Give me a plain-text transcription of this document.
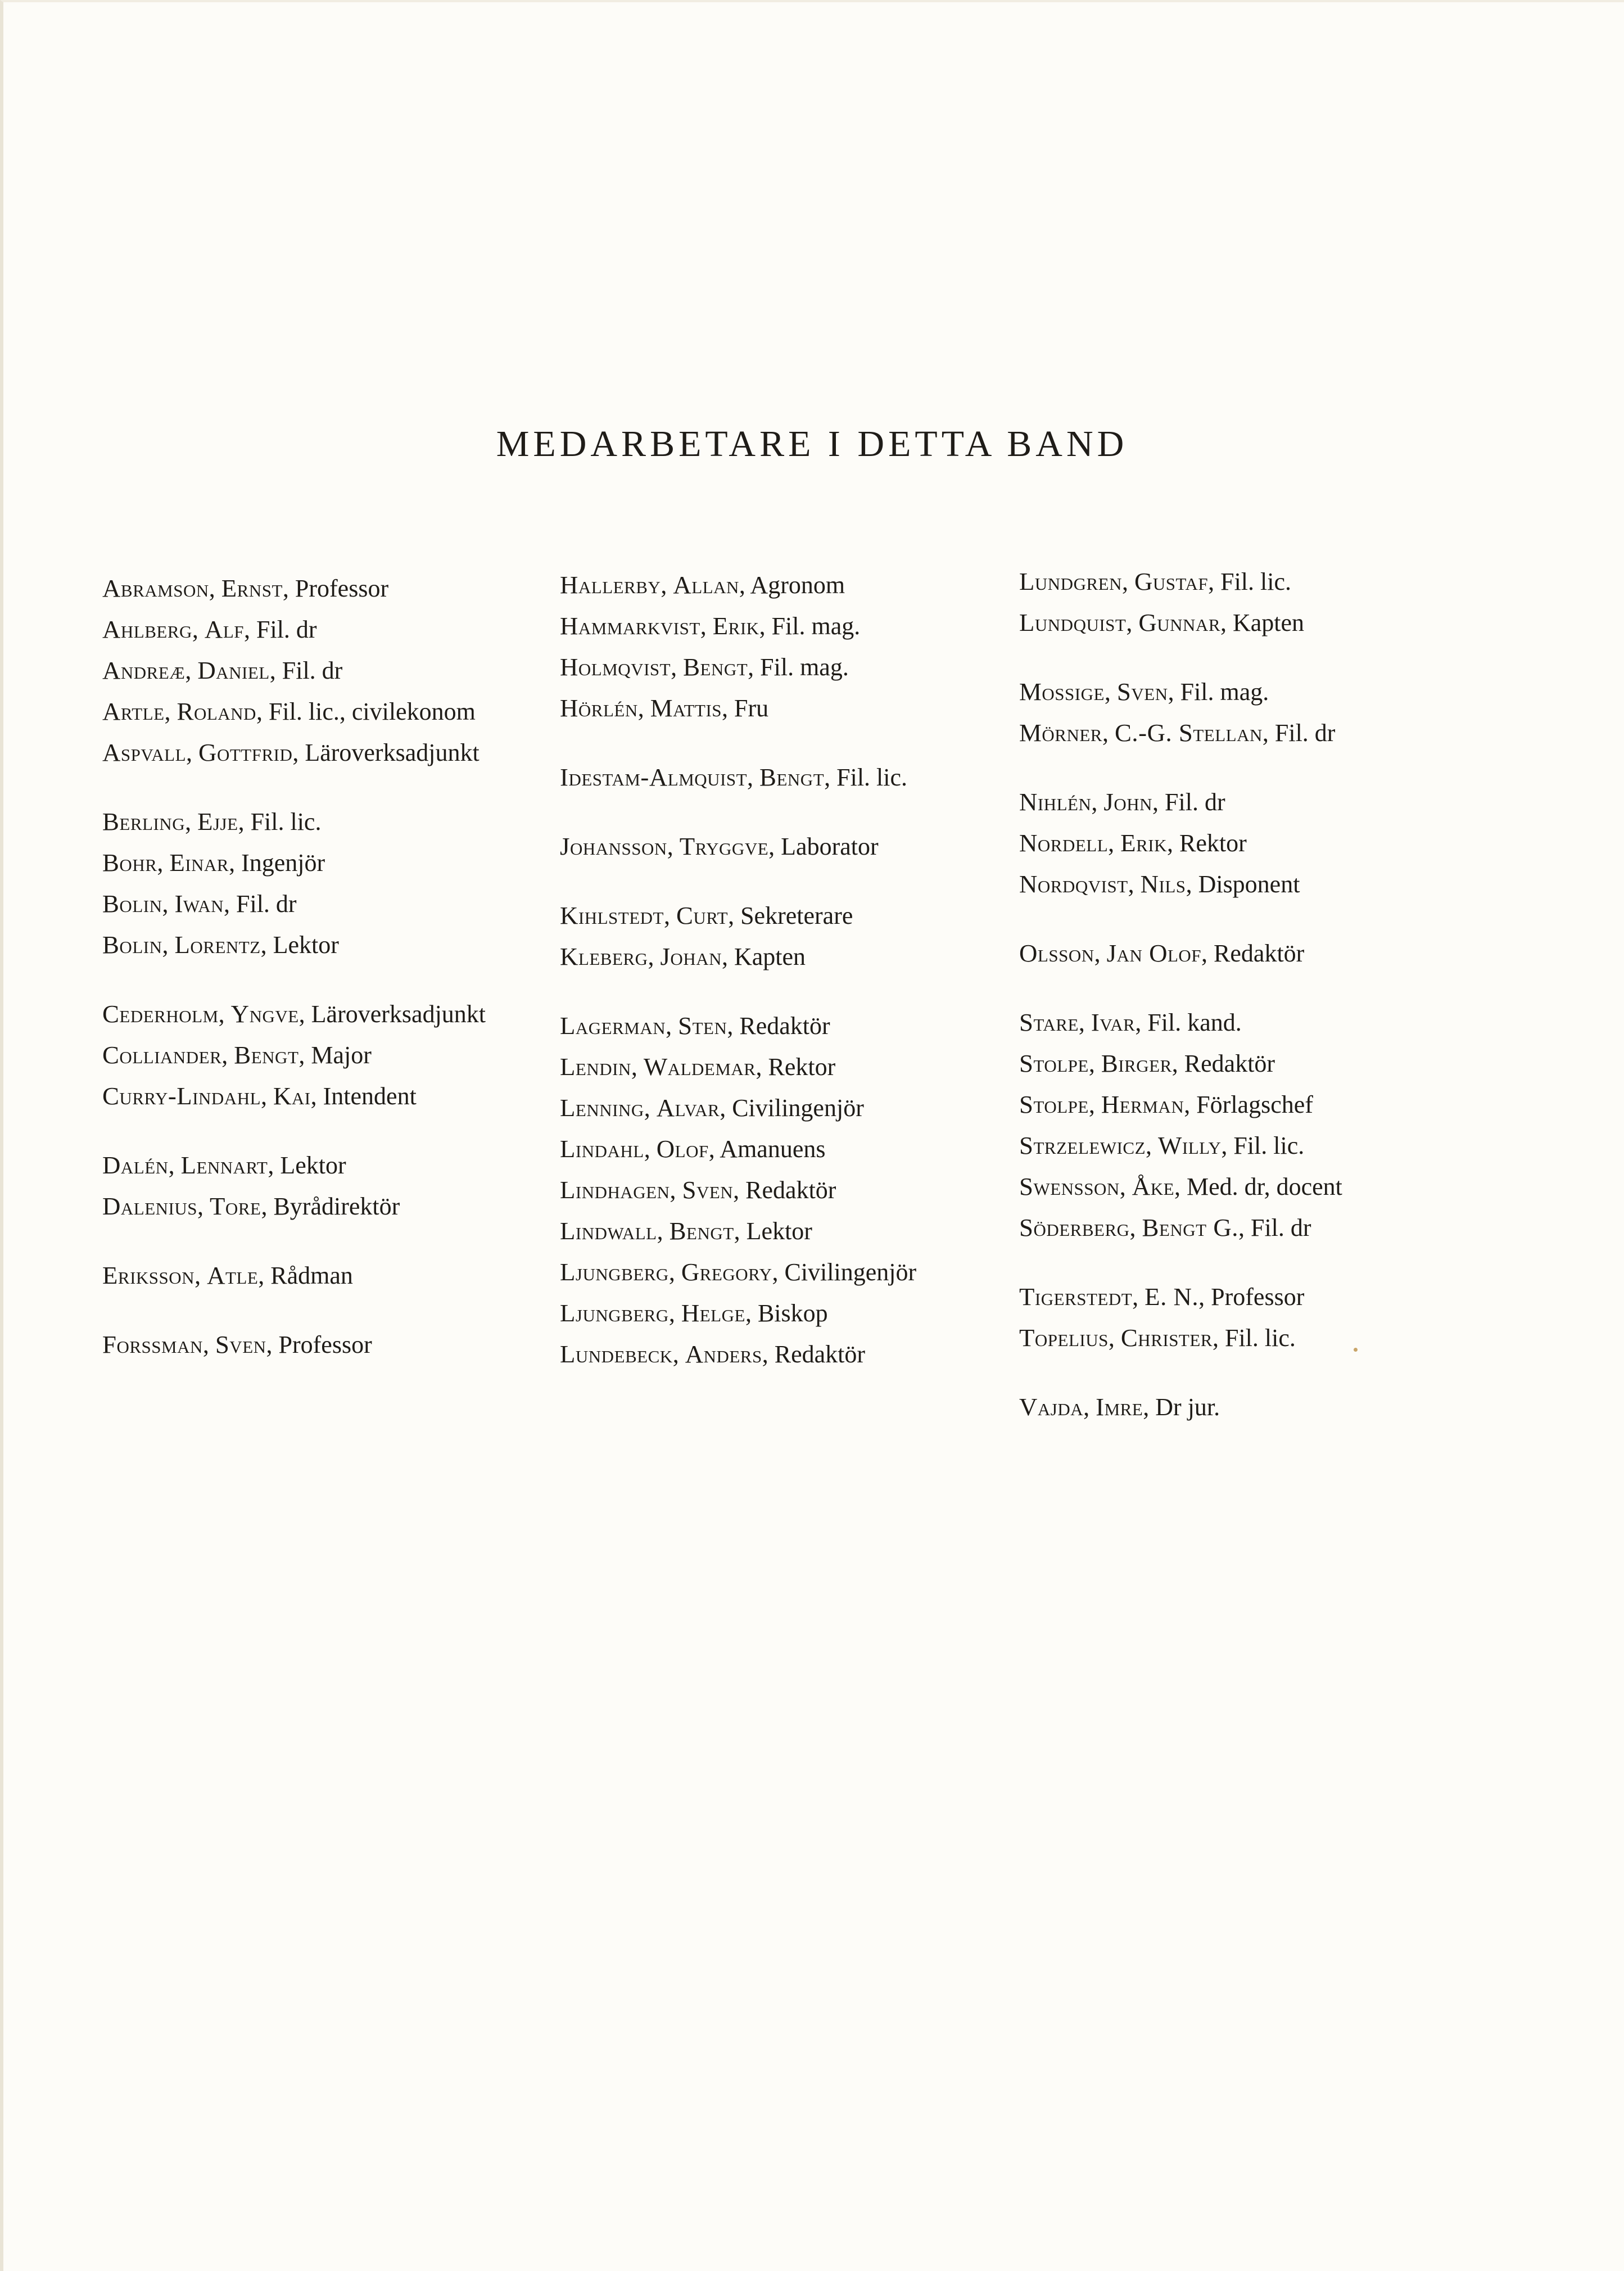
MEDARBETARE I DETTA BAND

Abramson, Ernst, Professor

Ahlberg, Alf, Fil. dr

Andreæ, Daniel, Fil. dr

Artle, Roland, Fil. lic., civilekonom

Aspvall, Gottfrid, Läroverksadjunkt

Berling, Ejje, Fil. lic.

Bohr, Einar, Ingenjör

Bolin, Iwan, Fil. dr

Bolin, Lorentz, Lektor

Cederholm, Yngve, Läroverksadjunkt

Colliander, Bengt, Major

Curry-Lindahl, Kai, Intendent

Dalén, Lennart, Lektor

Dalenius, Tore, Byrådirektör

Eriksson, Atle, Rådman

Forssman, Sven, Professor

Hallerby, Allan, Agronom

Hammarkvist, Erik, Fil. mag.

Holmqvist, Bengt, Fil. mag.

Hörlén, Mattis, Fru

Idestam-Almquist, Bengt, Fil. lic.

Johansson, Tryggve, Laborator

Kihlstedt, Curt, Sekreterare

Kleberg, Johan, Kapten

Lagerman, Sten, Redaktör

Lendin, Waldemar, Rektor

Lenning, Alvar, Civilingenjör

Lindahl, Olof, Amanuens

Lindhagen, Sven, Redaktör

Lindwall, Bengt, Lektor

Ljungberg, Gregory, Civilingenjör

Ljungberg, Helge, Biskop

Lundebeck, Anders, Redaktör

Lundgren, Gustaf, Fil. lic.

Lundquist, Gunnar, Kapten

Mossige, Sven, Fil. mag.

Mörner, C.-G. Stellan, Fil. dr

Nihlén, John, Fil. dr

Nordell, Erik, Rektor

Nordqvist, Nils, Disponent

Olsson, Jan Olof, Redaktör

Stare, Ivar, Fil. kand.

Stolpe, Birger, Redaktör

Stolpe, Herman, Förlagschef

Strzelewicz, Willy, Fil. lic.

Swensson, Åke, Med. dr, docent

Söderberg, Bengt G., Fil. dr

Tigerstedt, E. N., Professor

Topelius, Christer, Fil. lic.

Vajda, Imre, Dr jur.
